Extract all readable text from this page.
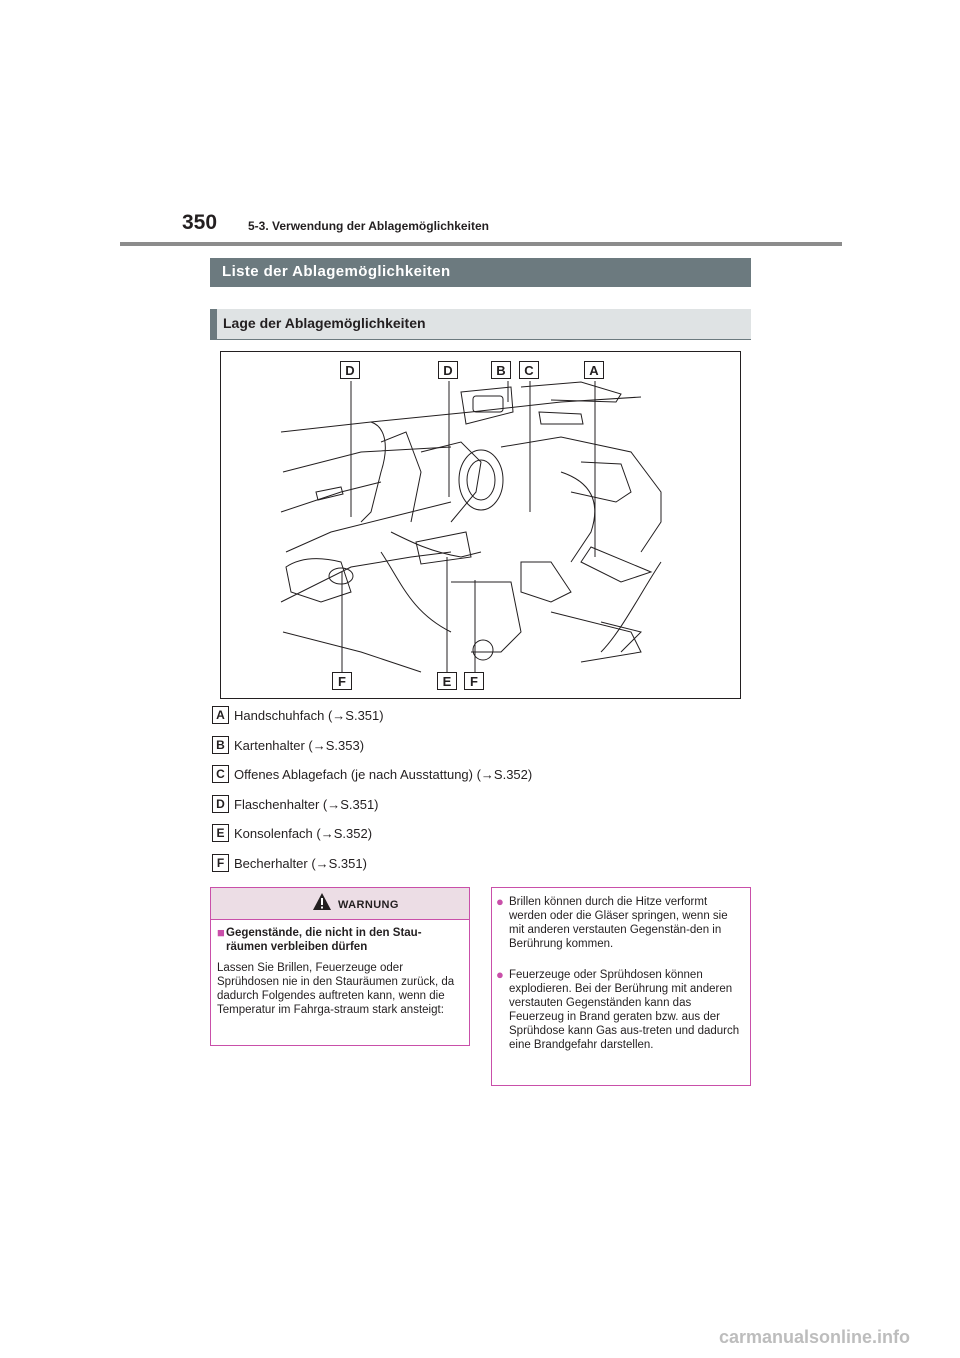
350	5-3. Verwendung der Ablagemöglichkeiten
Liste der Ablagemöglichkeiten
Lage der Ablagemöglichkeiten
D	D	B	C	A
F	E	F
A Handschuhfach (→S.351)
B Kartenhalter (→S.353)
C Offenes Ablagefach (je nach Ausstattung) (→S.352)
D Flaschenhalter (→S.351)
E Konsolenfach (→S.352)
F Becherhalter (→S.351)
WARNUNG
■ Gegenstände, die nicht in den Stau-räumen verbleiben dürfen
Lassen Sie Brillen, Feuerzeuge oder Sprühdosen nie in den Stauräumen zurück, da dadurch Folgendes auftreten kann, wenn die Temperatur im Fahrga-straum stark ansteigt:
● Brillen können durch die Hitze verformt werden oder die Gläser springen, wenn sie mit anderen verstauten Gegenstän-den in Berührung kommen.
● Feuerzeuge oder Sprühdosen können explodieren. Bei der Berührung mit anderen verstauten Gegenständen kann das Feuerzeug in Brand geraten bzw. aus der Sprühdose kann Gas aus-treten und dadurch eine Brandgefahr darstellen.
carmanualsonline.info
